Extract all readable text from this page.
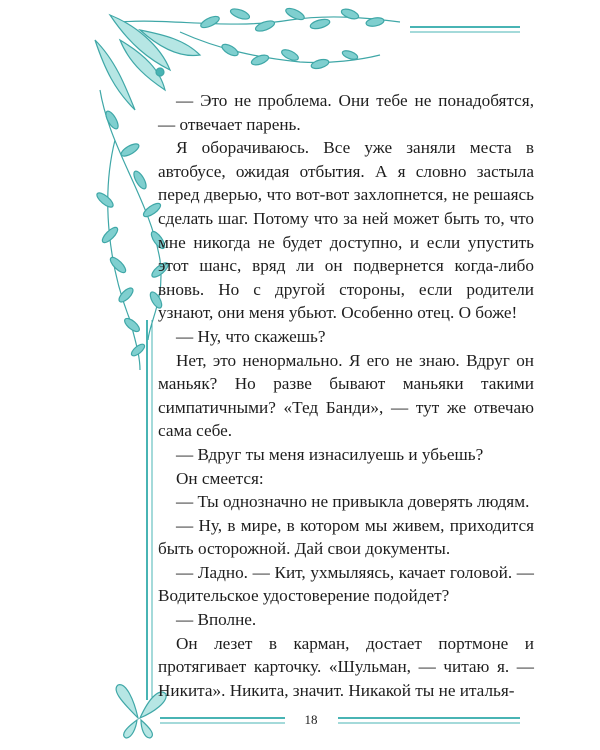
— Это не проблема. Они тебе не понадобятся, — отвечает парень.

Я оборачиваюсь. Все уже заняли места в автобусе, ожидая отбытия. А я словно застыла перед дверью, что вот-вот захлопнется, не решаясь сделать шаг. Потому что за ней может быть то, что мне никогда не будет доступно, и если упустить этот шанс, вряд ли он подвернется когда-либо вновь. Но с другой стороны, если родители узнают, они меня убьют. Особенно отец. О боже!

— Ну, что скажешь?

Нет, это ненормально. Я его не знаю. Вдруг он маньяк? Но разве бывают маньяки такими симпатичными? «Тед Банди», — тут же отвечаю сама себе.

— Вдруг ты меня изнасилуешь и убьешь?

Он смеется:

— Ты однозначно не привыкла доверять людям.

— Ну, в мире, в котором мы живем, приходится быть осторожной. Дай свои документы.

— Ладно. — Кит, ухмыляясь, качает головой. — Водительское удостоверение подойдет?

— Вполне.

Он лезет в карман, достает портмоне и протягивает карточку. «Шульман, — читаю я. — Никита». Никита, значит. Никакой ты не италья-

18
